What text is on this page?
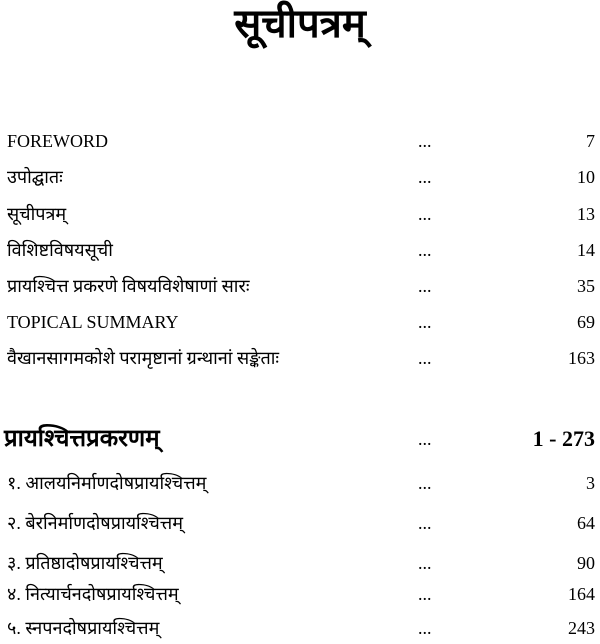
सूचीपत्रम्
FOREWORD	...	7
उपोद्घातः	...	10
सूचीपत्रम्	...	13
विशिष्टविषयसूची	...	14
प्रायश्चित्त प्रकरणे विषयविशेषाणां सारः	...	35
TOPICAL SUMMARY	...	69
वैखानसागमकोशे परामृष्टानां ग्रन्थानां सङ्केताः	...	163
प्रायश्चित्तप्रकरणम्	...	1 - 273
१. आलयनिर्माणदोषप्रायश्चित्तम्	...	3
२. बेरनिर्माणदोषप्रायश्चित्तम्	...	64
३. प्रतिष्ठादोषप्रायश्चित्तम्	...	90
४. नित्यार्चनदोषप्रायश्चित्तम्	...	164
५. स्नपनदोषप्रायश्चित्तम्	...	243
